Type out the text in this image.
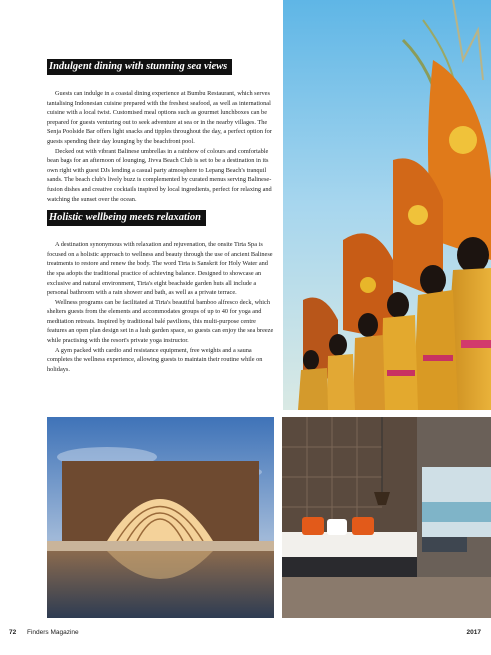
Indulgent dining with stunning sea views

Guests can indulge in a coastal dining experience at Bumbu Restaurant, which serves tantalising Indonesian cuisine prepared with the freshest seafood, as well as international cuisine with a local twist. Customised meal options such as gourmet lunchboxes can be prepared for guests venturing out to seek adventure at sea or in the nearby villages. The Senja Poolside Bar offers light snacks and tipples throughout the day, a perfect option for guests spending their day lounging by the beachfront pool.

Decked out with vibrant Balinese umbrellas in a rainbow of colours and comfortable bean bags for an afternoon of lounging, Jivva Beach Club is set to be a destination in its own right with guest DJs lending a casual party atmosphere to Lepang Beach's tranquil sands. The beach club's lively buzz is complemented by curated menus serving Balinese-fusion dishes and creative cocktails inspired by local ingredients, perfect for relaxing and watching the sunset over the ocean.

Holistic wellbeing meets relaxation

A destination synonymous with relaxation and rejuvenation, the onsite Tirta Spa is focused on a holistic approach to wellness and beauty through the use of ancient Balinese treatments to restore and renew the body. The word Tirta is Sanskrit for Holy Water and the spa adopts the traditional practice of achieving balance. Designed to showcase an exclusive and natural environment, Tirta's eight beachside garden huts all include a personal bathroom with a rain shower and bath, as well as a private terrace.

Wellness programs can be facilitated at Tirta's beautiful bamboo alfresco deck, which shelters guests from the elements and accommodates groups of up to 40 for yoga and meditation retreats. Inspired by traditional balé pavilions, this multi-purpose centre features an open plan design set in a lush garden space, so guests can enjoy the sea breeze while practising with the resort's private yoga instructor.

A gym packed with cardio and resistance equipment, free weights and a sauna completes the wellness experience, allowing guests to maintain their routine while on holidays.

72 Finders Magazine	2017
